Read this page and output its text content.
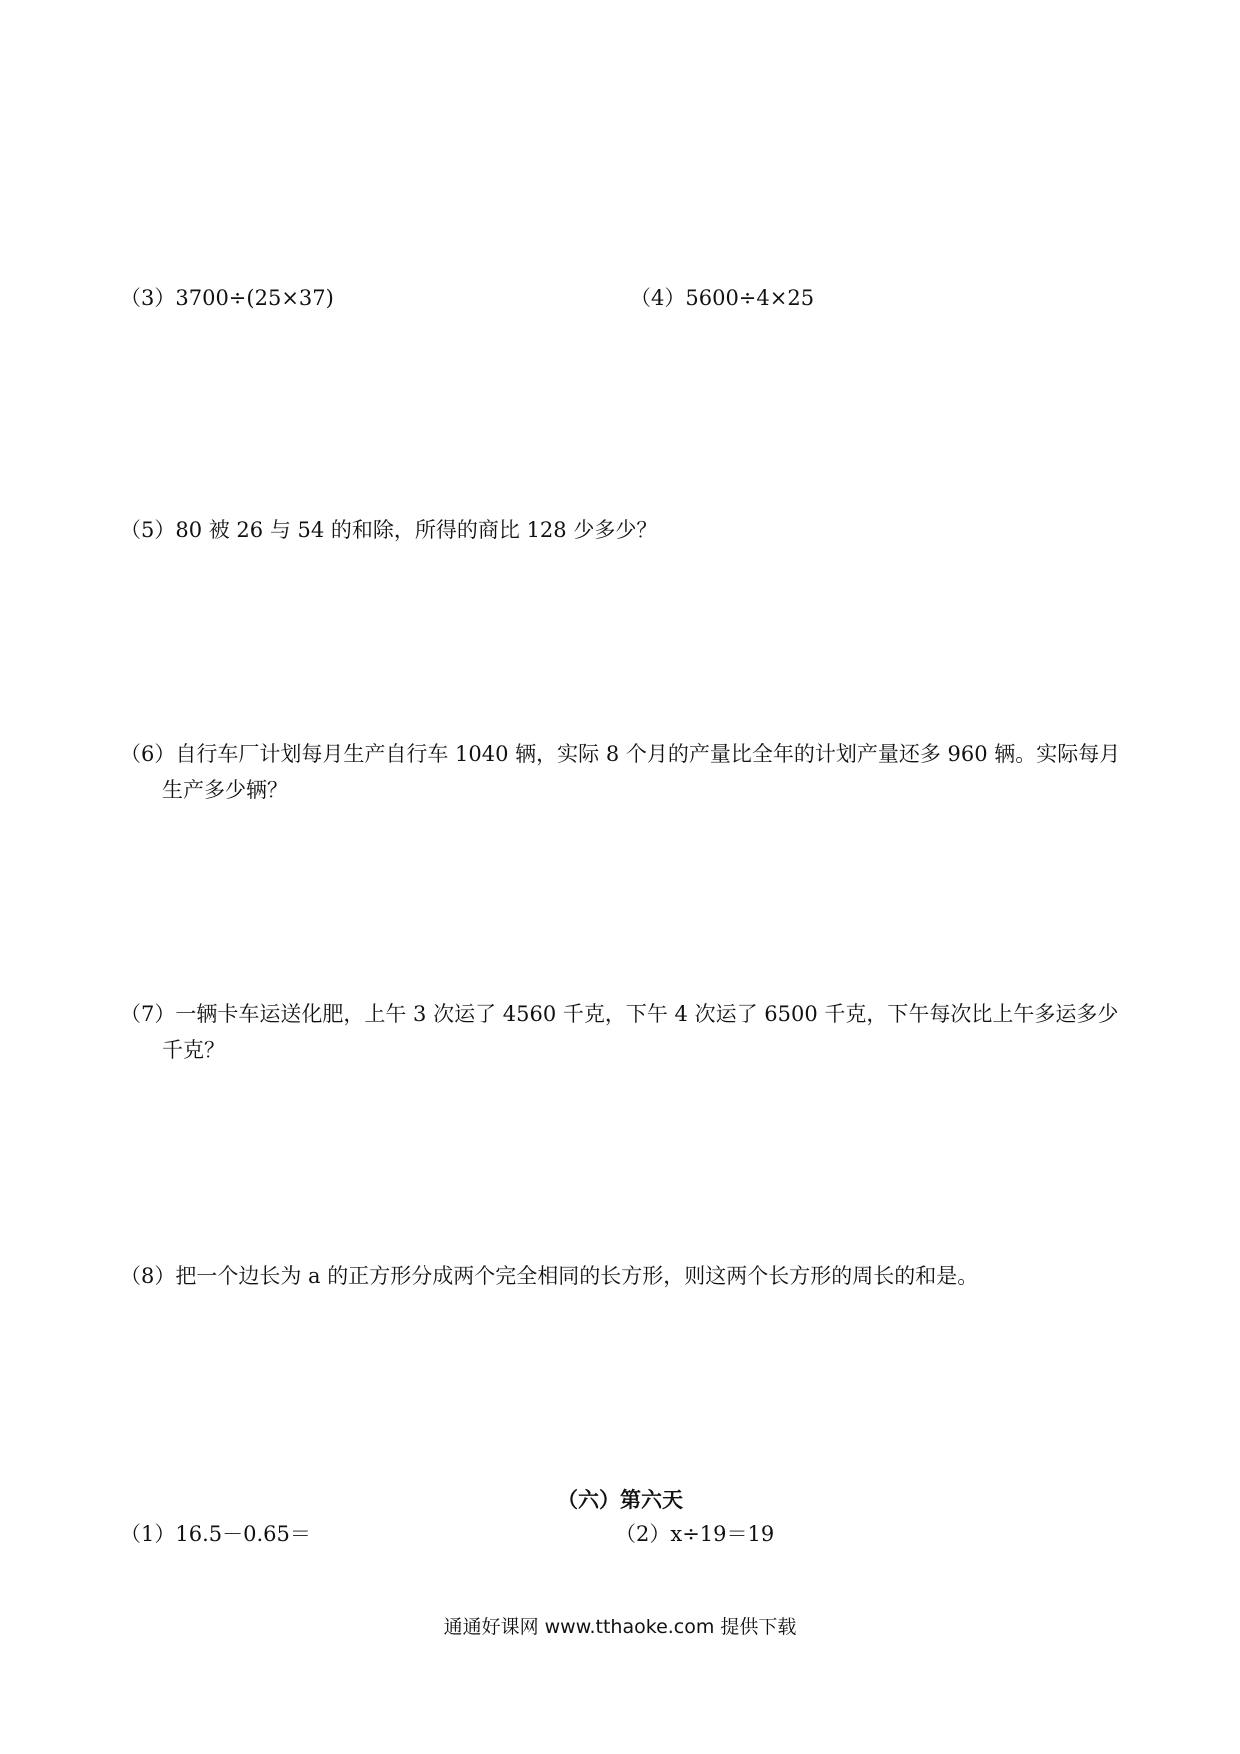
（3）3700÷(25×37)	（4）5600÷4×25
（5）80 被 26 与 54 的和除，所得的商比 128 少多少？
（6）自行车厂计划每月生产自行车 1040 辆，实际 8 个月的产量比全年的计划产量还多 960 辆。实际每月生产多少辆？
（7）一辆卡车运送化肥，上午 3 次运了 4560 千克，下午 4 次运了 6500 千克，下午每次比上午多运多少千克？
（8）把一个边长为 a 的正方形分成两个完全相同的长方形，则这两个长方形的周长的和是。
（六）第六天
（1）16.5－0.65＝	（2）x÷19＝19
通通好课网 www.tthaoke.com 提供下载
